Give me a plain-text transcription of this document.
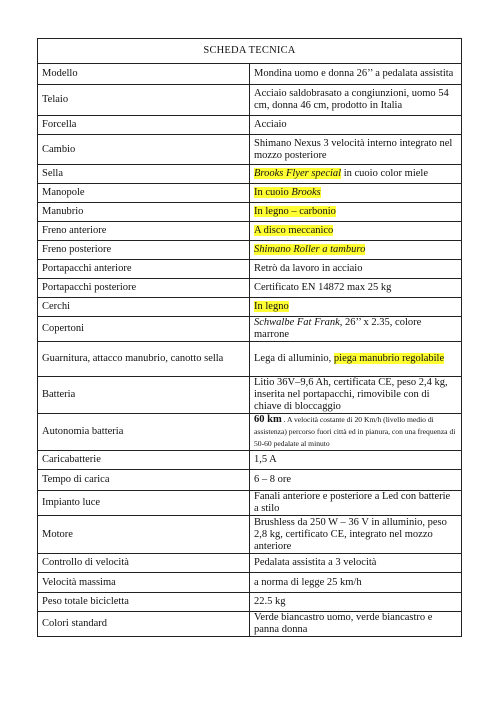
SCHEDA TECNICA	
Modello	Mondina uomo e donna 26’’ a pedalata assistita
Telaio	Acciaio saldobrasato a congiunzioni, uomo 54 cm, donna 46 cm, prodotto in Italia
Forcella	Acciaio
Cambio	Shimano Nexus 3 velocità interno integrato nel mozzo posteriore
Sella	Brooks Flyer special in cuoio color miele
Manopole	In cuoio Brooks
Manubrio	In legno – carbonio
Freno anteriore	A disco meccanico
Freno posteriore	Shimano Roller a tamburo
Portapacchi anteriore	Retrò da lavoro in acciaio
Portapacchi posteriore	Certificato EN 14872 max 25 kg
Cerchi	In legno
Copertoni	Schwalbe Fat Frank, 26’’ x 2.35, colore marrone
Guarnitura, attacco manubrio, canotto sella	Lega di alluminio, piega manubrio regolabile
Batteria	Litio 36V–9,6 Ah, certificata CE, peso 2,4 kg, inserita nel portapacchi, rimovibile con di chiave di bloccaggio
Autonomia batteria	60 km . A velocità costante di 20 Km/h (livello medio di assistenza) percorso fuori città ed in pianura, con una frequenza di 50-60 pedalate al minuto
Caricabatterie	1,5 A
Tempo di carica	6 – 8 ore
Impianto luce	Fanali anteriore e posteriore a Led con batterie a stilo
Motore	Brushless da 250 W – 36 V in alluminio, peso 2,8 kg, certificato CE, integrato nel mozzo anteriore
Controllo di velocità	Pedalata assistita a 3 velocità
Velocità massima	a norma di legge 25 km/h
Peso totale bicicletta	22.5 kg
Colori standard	Verde biancastro uomo, verde biancastro e panna donna
